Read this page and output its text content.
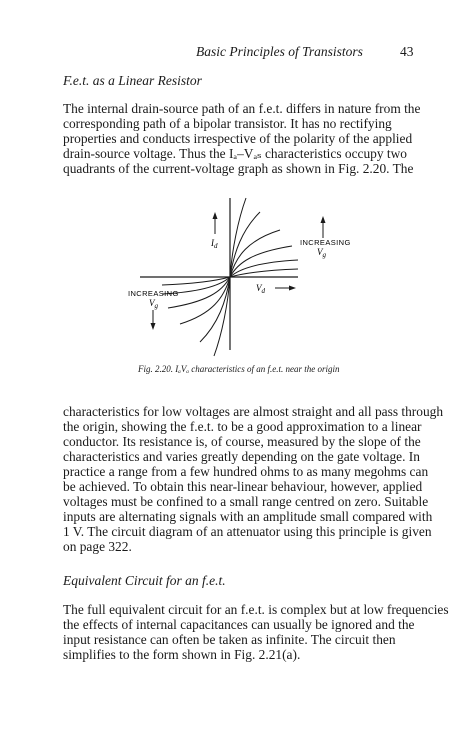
Basic Principles of Transistors	43
F.e.t. as a Linear Resistor
The internal drain-source path of an f.e.t. differs in nature from the
corresponding path of a bipolar transistor. It has no rectifying
properties and conducts irrespective of the polarity of the applied
drain-source voltage. Thus the Iₐ–Vₐₛ characteristics occupy two
quadrants of the current-voltage graph as shown in Fig. 2.20. The
$I_d$	INCREASING
$V_g$
$V_d$
INCREASING
$V_g$
Fig. 2.20. IₐVₐ characteristics of an f.e.t. near the origin
characteristics for low voltages are almost straight and all pass through
the origin, showing the f.e.t. to be a good approximation to a linear
conductor. Its resistance is, of course, measured by the slope of the
characteristics and varies greatly depending on the gate voltage. In
practice a range from a few hundred ohms to as many megohms can
be achieved. To obtain this near-linear behaviour, however, applied
voltages must be confined to a small range centred on zero. Suitable
inputs are alternating signals with an amplitude small compared with
1 V. The circuit diagram of an attenuator using this principle is given
on page 322.
Equivalent Circuit for an f.e.t.
The full equivalent circuit for an f.e.t. is complex but at low frequencies
the effects of internal capacitances can usually be ignored and the
input resistance can often be taken as infinite. The circuit then
simplifies to the form shown in Fig. 2.21(a).
